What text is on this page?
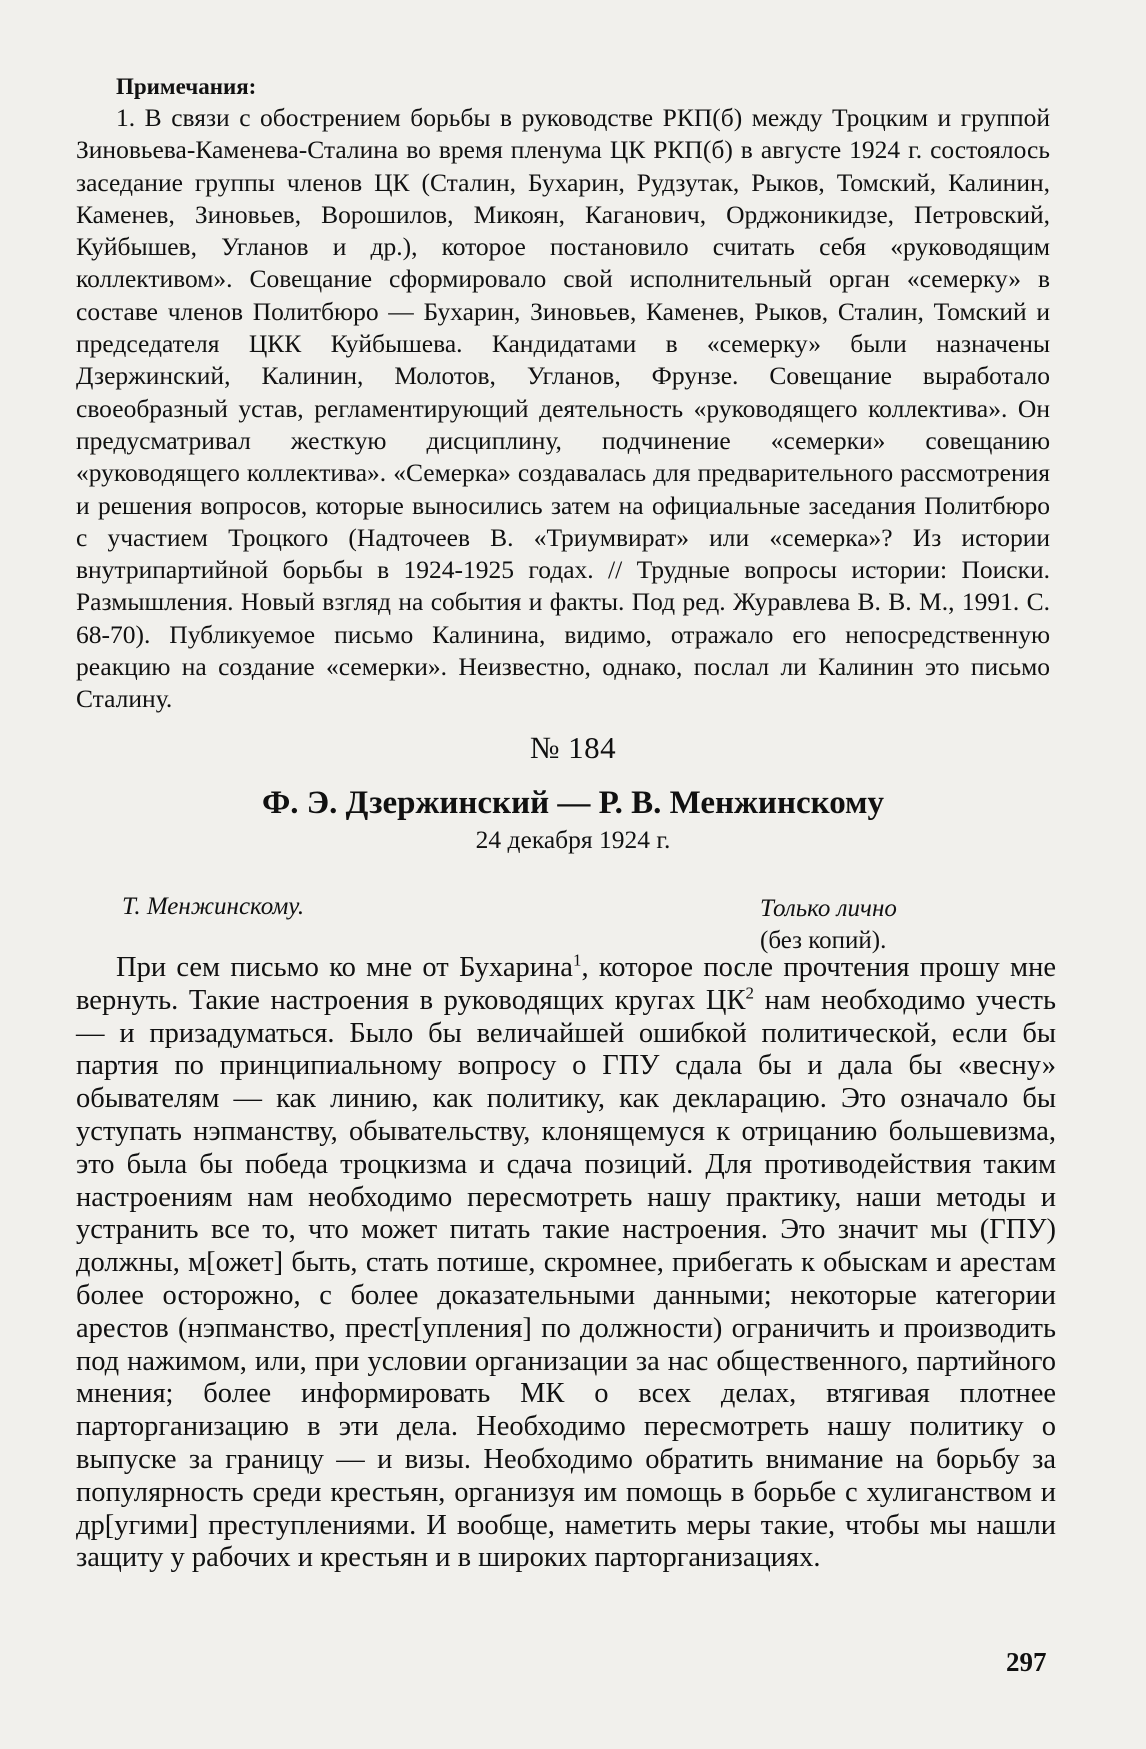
Примечания:

1. В связи с обострением борьбы в руководстве РКП(б) между Троцким и группой Зиновьева-Каменева-Сталина во время пленума ЦК РКП(б) в августе 1924 г. состоялось заседание группы членов ЦК (Сталин, Бухарин, Рудзутак, Рыков, Томский, Калинин, Каменев, Зиновьев, Ворошилов, Микоян, Каганович, Орджоникидзе, Петровский, Куйбышев, Угланов и др.), которое постановило считать себя «руководящим коллективом». Совещание сформировало свой исполнительный орган «семерку» в составе членов Политбюро — Бухарин, Зиновьев, Каменев, Рыков, Сталин, Томский и председателя ЦКК Куйбышева. Кандидатами в «семерку» были назначены Дзержинский, Калинин, Молотов, Угланов, Фрунзе. Совещание выработало своеобразный устав, регламентирующий деятельность «руководящего коллектива». Он предусматривал жесткую дисциплину, подчинение «семерки» совещанию «руководящего коллектива». «Семерка» создавалась для предварительного рассмотрения и решения вопросов, которые выносились затем на официальные заседания Политбюро с участием Троцкого (Надточеев В. «Триумвират» или «семерка»? Из истории внутрипартийной борьбы в 1924-1925 годах. // Трудные вопросы истории: Поиски. Размышления. Новый взгляд на события и факты. Под ред. Журавлева В. В. М., 1991. С. 68-70). Публикуемое письмо Калинина, видимо, отражало его непосредственную реакцию на создание «семерки». Неизвестно, однако, послал ли Калинин это письмо Сталину.

№ 184
Ф. Э. Дзержинский — Р. В. Менжинскому
24 декабря 1924 г.
Т. Менжинскому.	Только лично
(без копий).

При сем письмо ко мне от Бухарина$^1$, которое после прочтения прошу мне вернуть. Такие настроения в руководящих кругах ЦК$^2$ нам необходимо учесть — и призадуматься. Было бы величайшей ошибкой политической, если бы партия по принципиальному вопросу о ГПУ сдала бы и дала бы «весну» обывателям — как линию, как политику, как декларацию. Это означало бы уступать нэпманству, обывательству, клонящемуся к отрицанию большевизма, это была бы победа троцкизма и сдача позиций. Для противодействия таким настроениям нам необходимо пересмотреть нашу практику, наши методы и устранить все то, что может питать такие настроения. Это значит мы (ГПУ) должны, м[ожет] быть, стать потише, скромнее, прибегать к обыскам и арестам более осторожно, с более доказательными данными; некоторые категории арестов (нэпманство, прест[упления] по должности) ограничить и производить под нажимом, или, при условии организации за нас общественного, партийного мнения; более информировать МК о всех делах, втягивая плотнее парторганизацию в эти дела. Необходимо пересмотреть нашу политику о выпуске за границу — и визы. Необходимо обратить внимание на борьбу за популярность среди крестьян, организуя им помощь в борьбе с хулиганством и др[угими] преступлениями. И вообще, наметить меры такие, чтобы мы нашли защиту у рабочих и крестьян и в широких парторганизациях.

297
